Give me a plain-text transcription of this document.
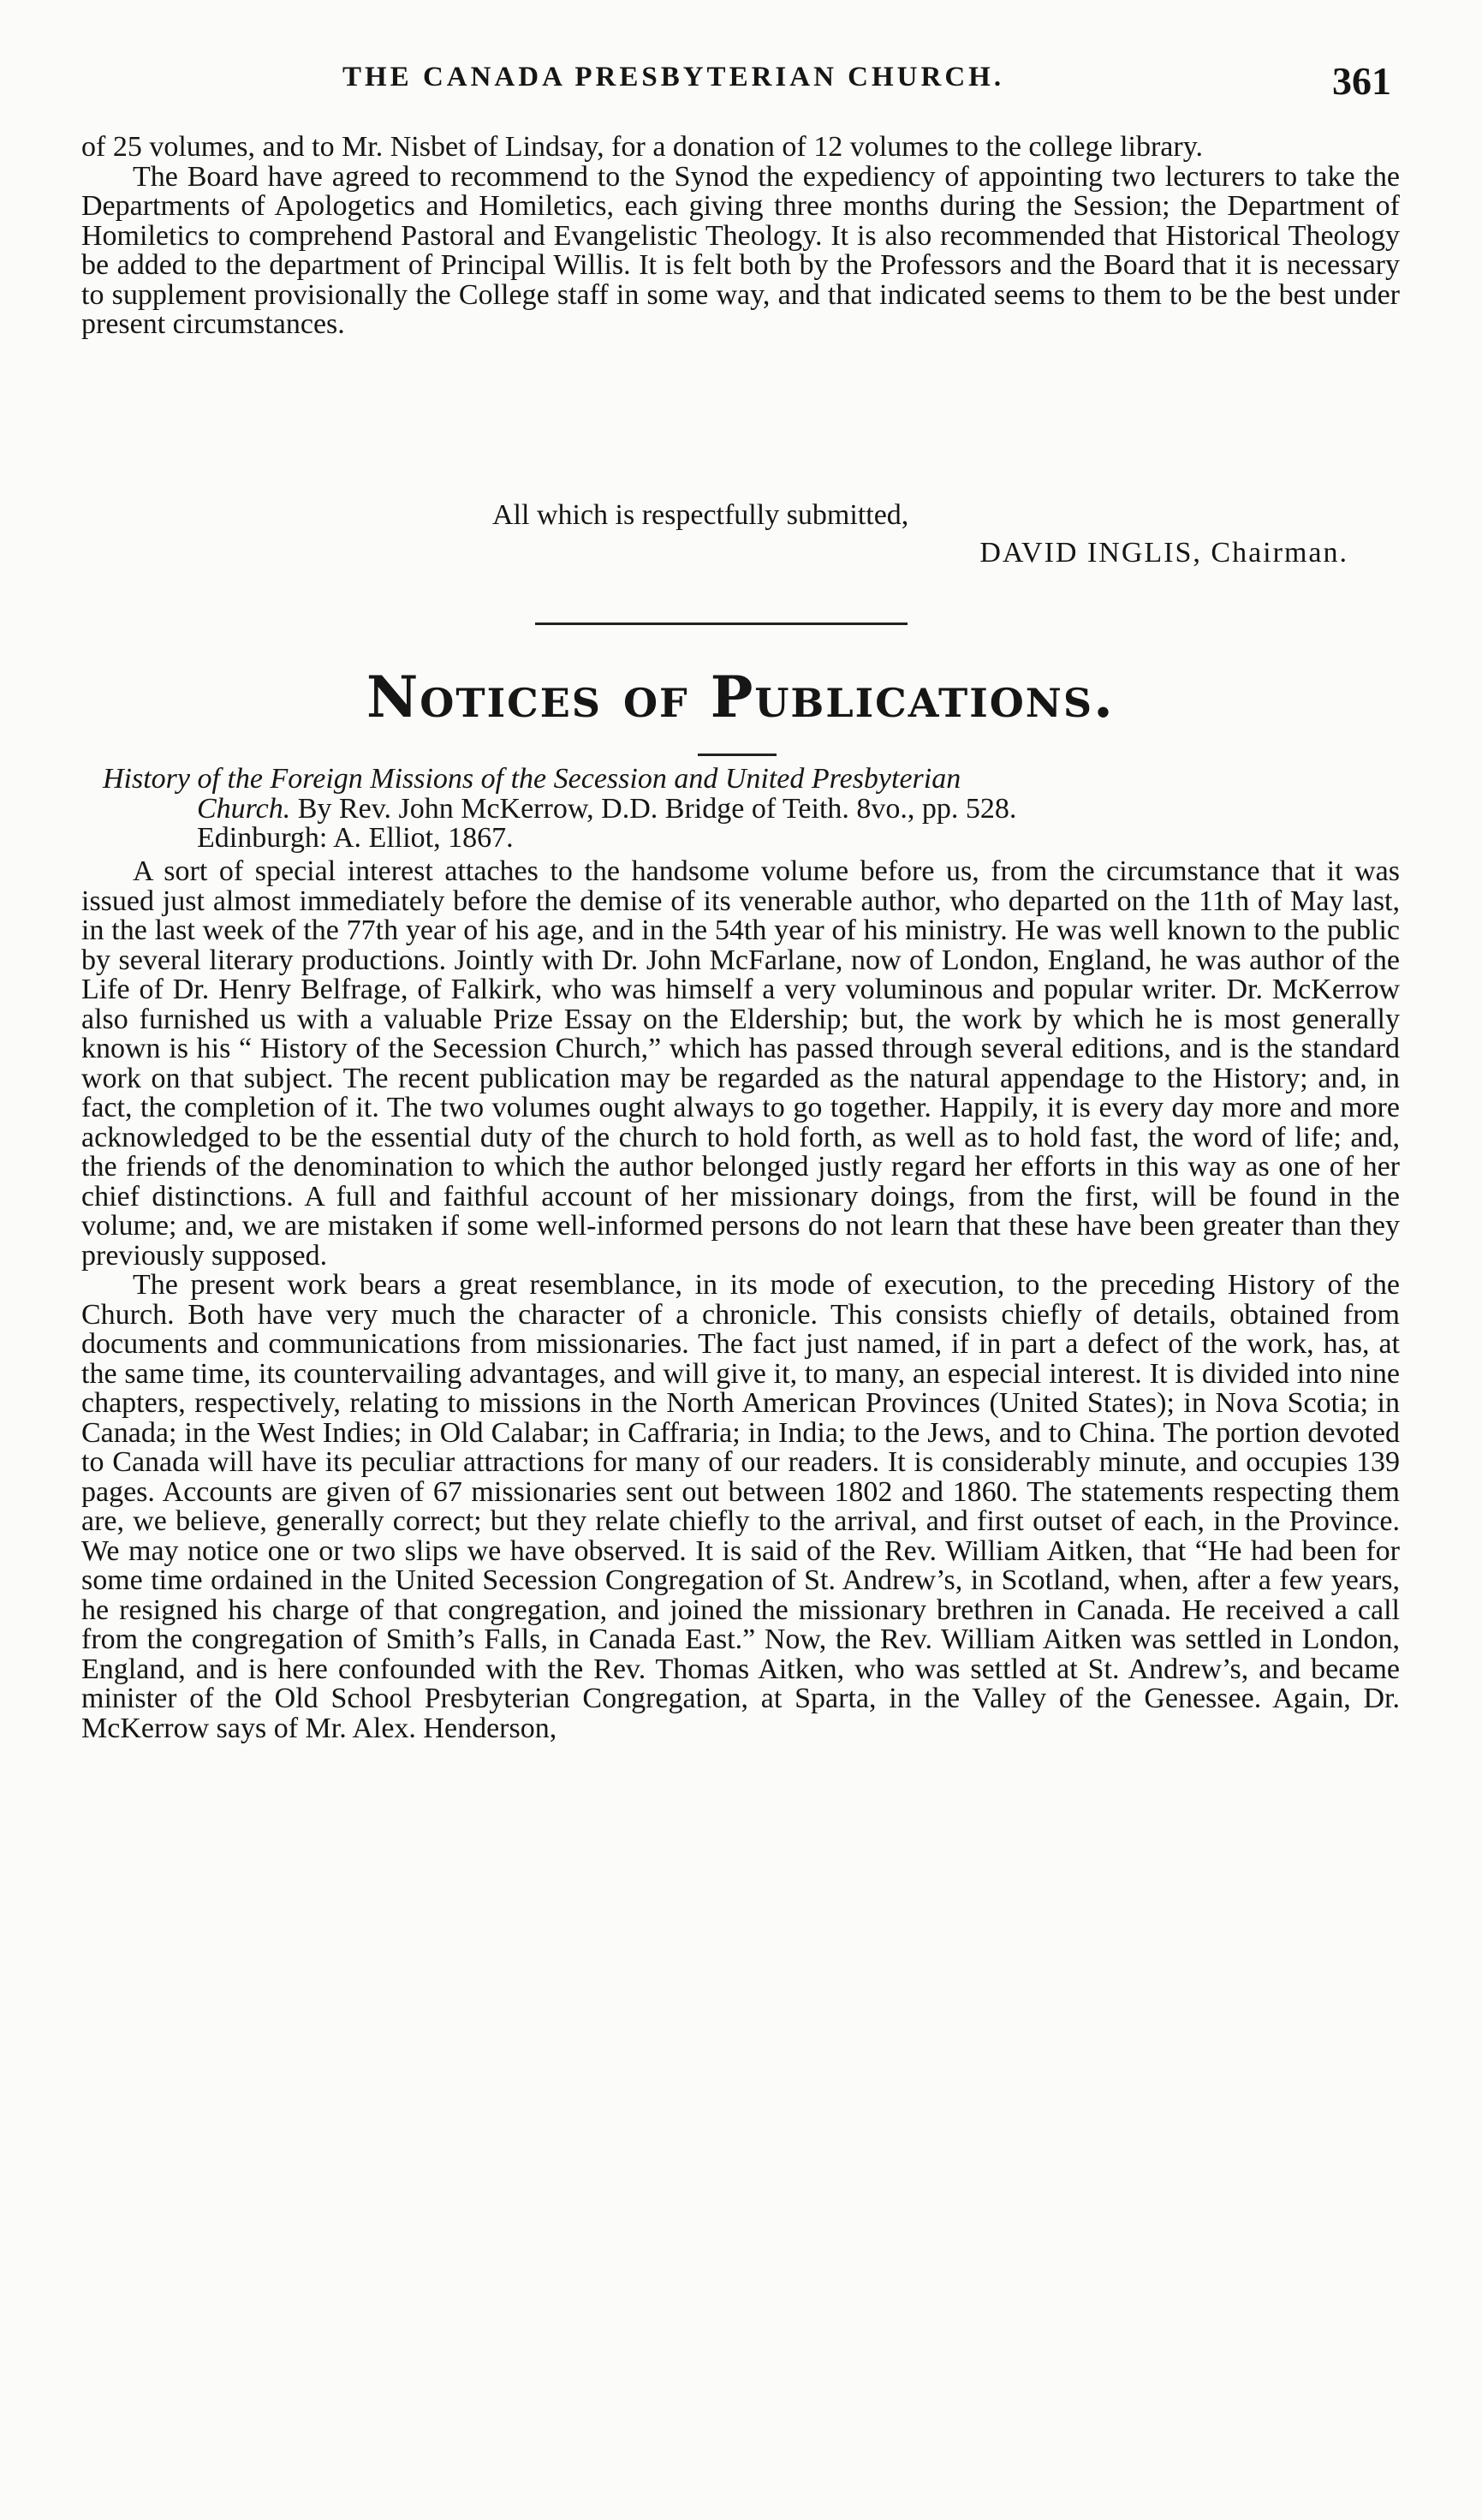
THE CANADA PRESBYTERIAN CHURCH.	361

of 25 volumes, and to Mr. Nisbet of Lindsay, for a donation of 12 volumes to the college library.

The Board have agreed to recommend to the Synod the expediency of appointing two lecturers to take the Departments of Apologetics and Homiletics, each giving three months during the Session; the Department of Homiletics to comprehend Pastoral and Evangelistic Theology. It is also recommended that Historical Theology be added to the department of Principal Willis. It is felt both by the Professors and the Board that it is necessary to supplement provisionally the College staff in some way, and that indicated seems to them to be the best under present circumstances.

All which is respectfully submitted,
DAVID INGLIS, Chairman.
Notices of Publications.
History of the Foreign Missions of the Secession and United Presbyterian
Church. By Rev. John McKerrow, D.D. Bridge of Teith. 8vo., pp. 528.
Edinburgh: A. Elliot, 1867.

A sort of special interest attaches to the handsome volume before us, from the circumstance that it was issued just almost immediately before the demise of its venerable author, who departed on the 11th of May last, in the last week of the 77th year of his age, and in the 54th year of his ministry. He was well known to the public by several literary productions. Jointly with Dr. John McFarlane, now of London, England, he was author of the Life of Dr. Henry Belfrage, of Falkirk, who was himself a very voluminous and popular writer. Dr. McKerrow also furnished us with a valuable Prize Essay on the Eldership; but, the work by which he is most generally known is his “ History of the Secession Church,” which has passed through several editions, and is the standard work on that subject. The recent publication may be regarded as the natural appendage to the History; and, in fact, the completion of it. The two volumes ought always to go together. Happily, it is every day more and more acknowledged to be the essential duty of the church to hold forth, as well as to hold fast, the word of life; and, the friends of the denomination to which the author belonged justly regard her efforts in this way as one of her chief distinctions. A full and faithful account of her missionary doings, from the first, will be found in the volume; and, we are mistaken if some well-informed persons do not learn that these have been greater than they previously supposed.

The present work bears a great resemblance, in its mode of execution, to the preceding History of the Church. Both have very much the character of a chronicle. This consists chiefly of details, obtained from documents and communications from missionaries. The fact just named, if in part a defect of the work, has, at the same time, its countervailing advantages, and will give it, to many, an especial interest. It is divided into nine chapters, respectively, relating to missions in the North American Provinces (United States); in Nova Scotia; in Canada; in the West Indies; in Old Calabar; in Caffraria; in India; to the Jews, and to China. The portion devoted to Canada will have its peculiar attractions for many of our readers. It is considerably minute, and occupies 139 pages. Accounts are given of 67 missionaries sent out between 1802 and 1860. The statements respecting them are, we believe, generally correct; but they relate chiefly to the arrival, and first outset of each, in the Province. We may notice one or two slips we have observed. It is said of the Rev. William Aitken, that “He had been for some time ordained in the United Secession Congregation of St. Andrew’s, in Scotland, when, after a few years, he resigned his charge of that congregation, and joined the missionary brethren in Canada. He received a call from the congregation of Smith’s Falls, in Canada East.” Now, the Rev. William Aitken was settled in London, England, and is here confounded with the Rev. Thomas Aitken, who was settled at St. Andrew’s, and became minister of the Old School Presbyterian Congregation, at Sparta, in the Valley of the Genessee. Again, Dr. McKerrow says of Mr. Alex. Henderson,
